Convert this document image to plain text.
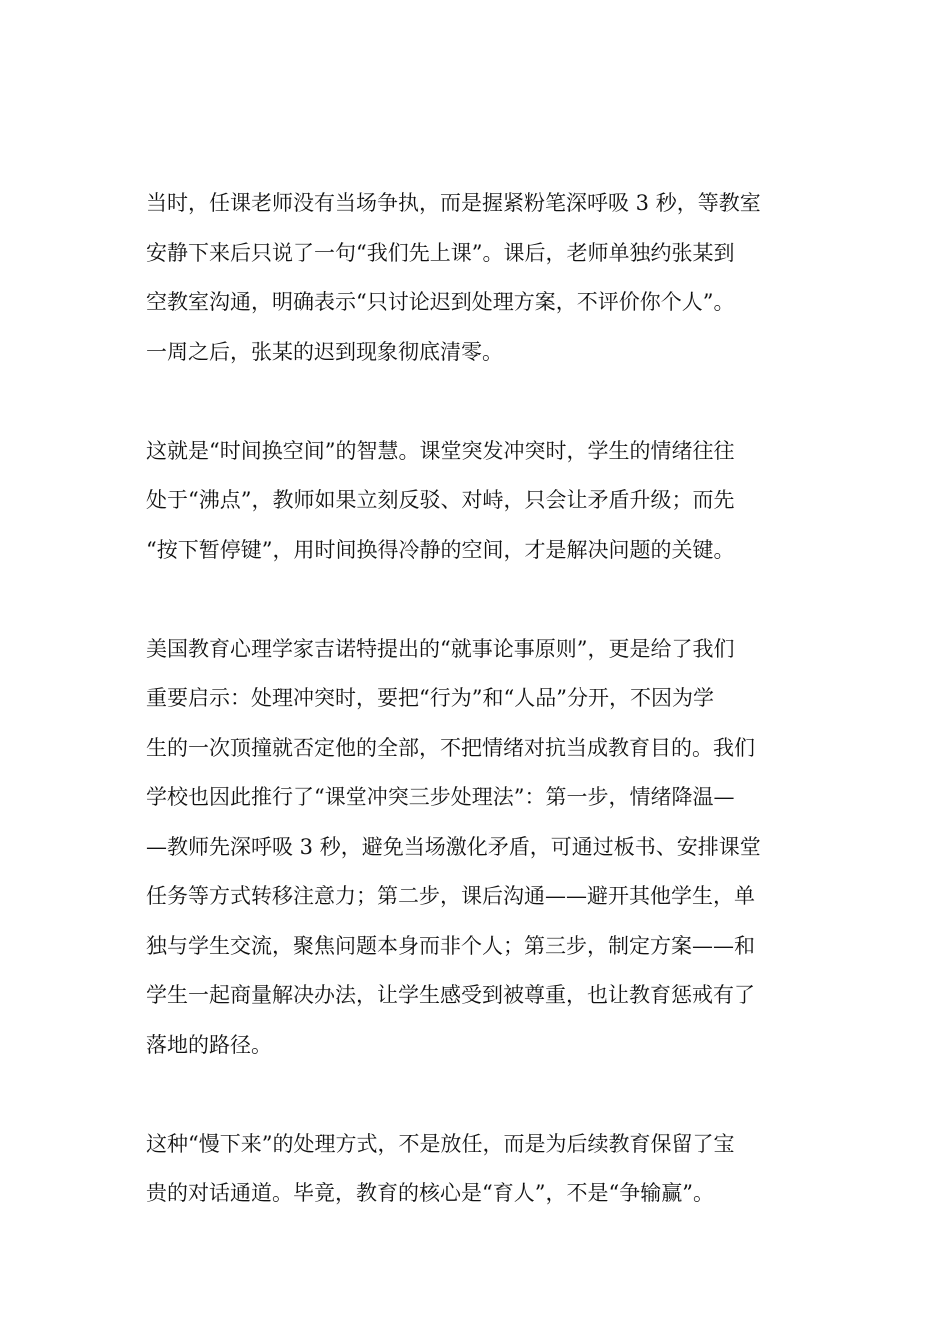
当时，任课老师没有当场争执，而是握紧粉笔深呼吸 3 秒，等教室
安静下来后只说了一句“我们先上课”。课后，老师单独约张某到
空教室沟通，明确表示“只讨论迟到处理方案，不评价你个人”。
一周之后，张某的迟到现象彻底清零。

这就是“时间换空间”的智慧。课堂突发冲突时，学生的情绪往往
处于“沸点”，教师如果立刻反驳、对峙，只会让矛盾升级；而先
“按下暂停键”，用时间换得冷静的空间，才是解决问题的关键。

美国教育心理学家吉诺特提出的“就事论事原则”，更是给了我们
重要启示：处理冲突时，要把“行为”和“人品”分开，不因为学
生的一次顶撞就否定他的全部，不把情绪对抗当成教育目的。我们
学校也因此推行了“课堂冲突三步处理法”：第一步，情绪降温—
—教师先深呼吸 3 秒，避免当场激化矛盾，可通过板书、安排课堂
任务等方式转移注意力；第二步，课后沟通——避开其他学生，单
独与学生交流，聚焦问题本身而非个人；第三步，制定方案——和
学生一起商量解决办法，让学生感受到被尊重，也让教育惩戒有了
落地的路径。

这种“慢下来”的处理方式，不是放任，而是为后续教育保留了宝
贵的对话通道。毕竟，教育的核心是“育人”，不是“争输赢”。
